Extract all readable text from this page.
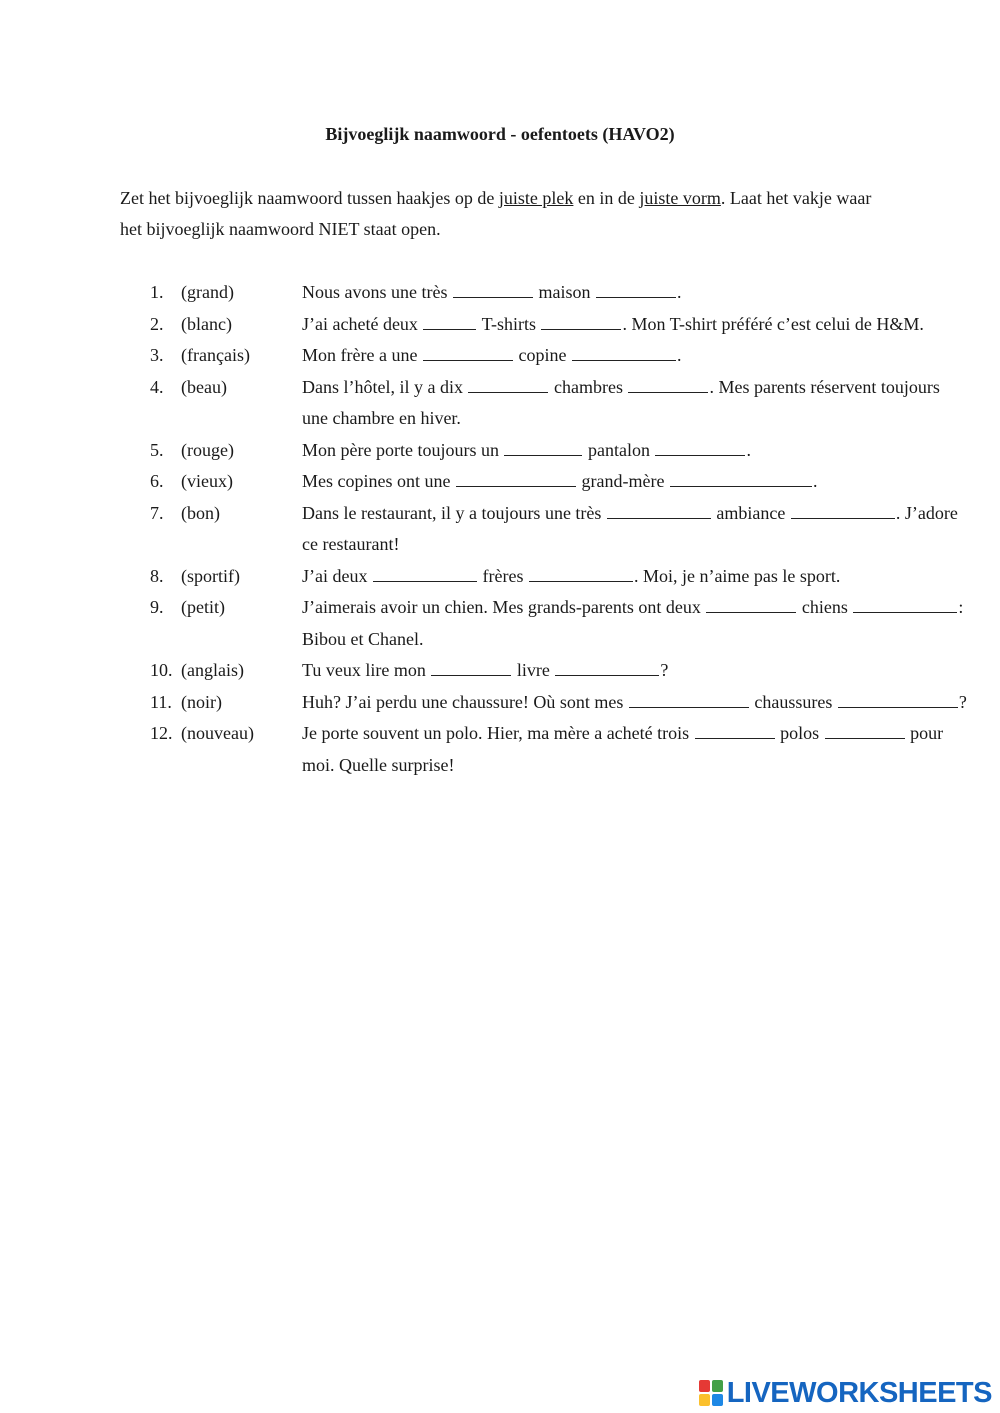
Bijvoeglijk naamwoord - oefentoets (HAVO2)
Zet het bijvoeglijk naamwoord tussen haakjes op de juiste plek en in de juiste vorm. Laat het vakje waar het bijvoeglijk naamwoord NIET staat open.
1. (grand)	Nous avons une très	maison	.
2. (blanc)	J’ai acheté deux	T-shirts	. Mon T-shirt préféré c’est celui de H&M.
3. (français)	Mon frère a une	copine	.
4. (beau)	Dans l’hôtel, il y a dix	chambres	. Mes parents réservent toujours une chambre en hiver.
5. (rouge)	Mon père porte toujours un	pantalon	.
6. (vieux)	Mes copines ont une	grand-mère	.
7. (bon)	Dans le restaurant, il y a toujours une très	ambiance	. J’adore ce restaurant!
8. (sportif)	J’ai deux	frères	. Moi, je n’aime pas le sport.
9. (petit)	J’aimerais avoir un chien. Mes grands-parents ont deux	chiens	: Bibou et Chanel.
10. (anglais)	Tu veux lire mon	livre	?
11. (noir)	Huh? J’ai perdu une chaussure! Où sont mes	chaussures	?
12. (nouveau)	Je porte souvent un polo. Hier, ma mère a acheté trois	polos	pour moi. Quelle surprise!
LIVEWORKSHEETS
